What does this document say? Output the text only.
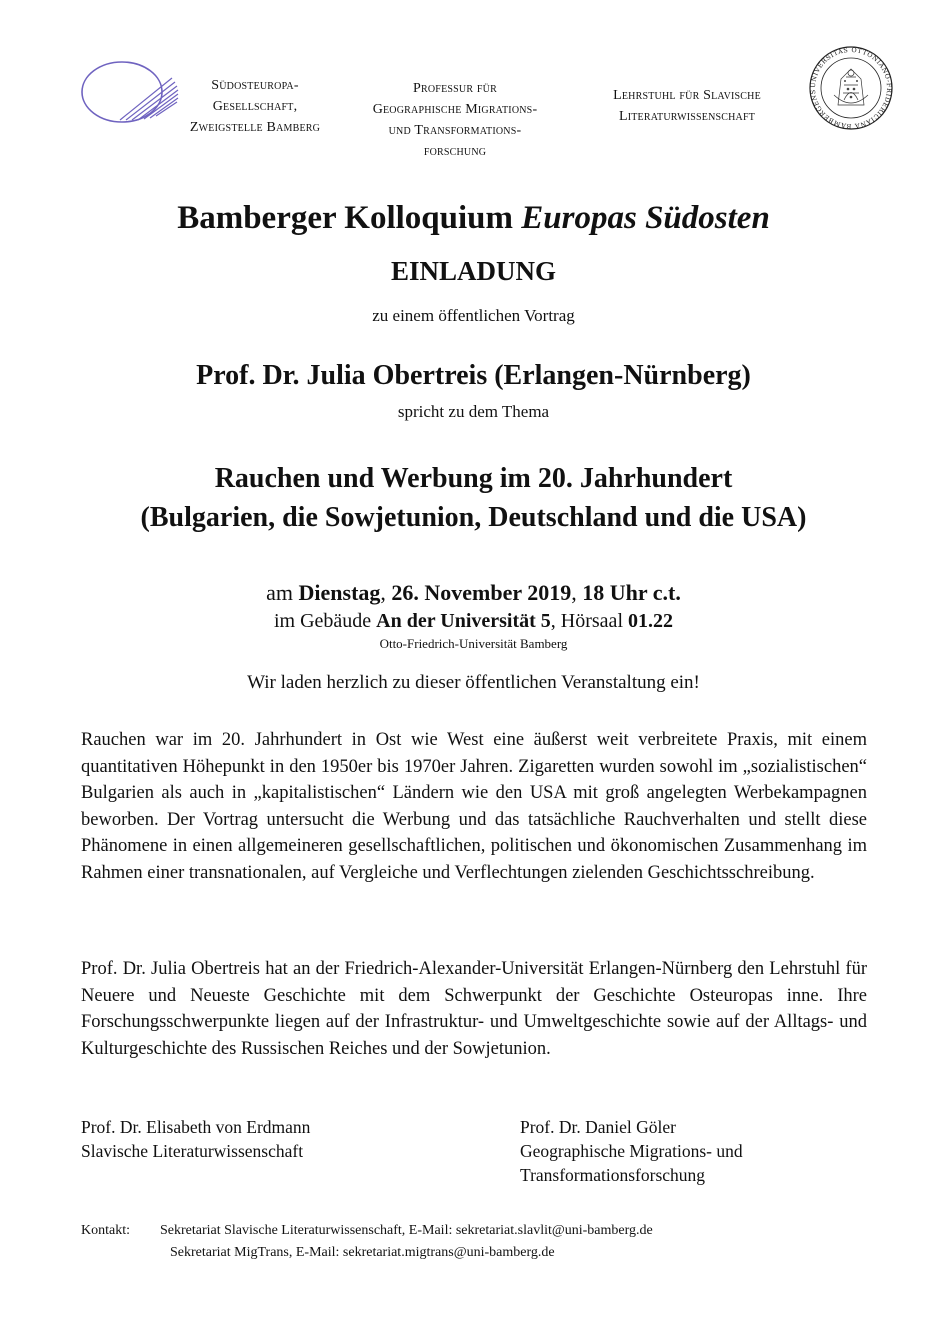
Südosteuropa-
Gesellschaft,
Zweigstelle Bamberg
Professur für
Geographische Migrations-
und Transformations-
forschung
Lehrstuhl für Slavische
Literaturwissenschaft
UNIVERSITAS OTTONIANO-FRIDERICIANA BAMBERGENS
Bamberger Kolloquium Europas Südosten
EINLADUNG
zu einem öffentlichen Vortrag
Prof. Dr. Julia Obertreis (Erlangen-Nürnberg)
spricht zu dem Thema
Rauchen und Werbung im 20. Jahrhundert
(Bulgarien, die Sowjetunion, Deutschland und die USA)
am Dienstag, 26. November 2019, 18 Uhr c.t.
im Gebäude An der Universität 5, Hörsaal 01.22
Otto-Friedrich-Universität Bamberg
Wir laden herzlich zu dieser öffentlichen Veranstaltung ein!
Rauchen war im 20. Jahrhundert in Ost wie West eine äußerst weit verbreitete Praxis, mit einem quantitativen Höhepunkt in den 1950er bis 1970er Jahren. Zigaretten wurden sowohl im „sozialistischen“ Bulgarien als auch in „kapitalistischen“ Ländern wie den USA mit groß angelegten Werbekampagnen beworben. Der Vortrag untersucht die Werbung und das tatsächliche Rauchverhalten und stellt diese Phänomene in einen allgemeineren gesellschaftlichen, politischen und ökonomischen Zusammenhang im Rahmen einer transnationalen, auf Vergleiche und Verflechtungen zielenden Geschichtsschreibung.
Prof. Dr. Julia Obertreis hat an der Friedrich-Alexander-Universität Erlangen-Nürnberg den Lehrstuhl für Neuere und Neueste Geschichte mit dem Schwerpunkt der Geschichte Osteuropas inne. Ihre Forschungsschwerpunkte liegen auf der Infrastruktur- und Umweltgeschichte sowie auf der Alltags- und Kulturgeschichte des Russischen Reiches und der Sowjetunion.
Prof. Dr. Elisabeth von Erdmann
Slavische Literaturwissenschaft
Prof. Dr. Daniel Göler
Geographische Migrations- und
Transformationsforschung
Kontakt: Sekretariat Slavische Literaturwissenschaft, E-Mail: sekretariat.slavlit@uni-bamberg.de
Sekretariat MigTrans, E-Mail: sekretariat.migtrans@uni-bamberg.de
